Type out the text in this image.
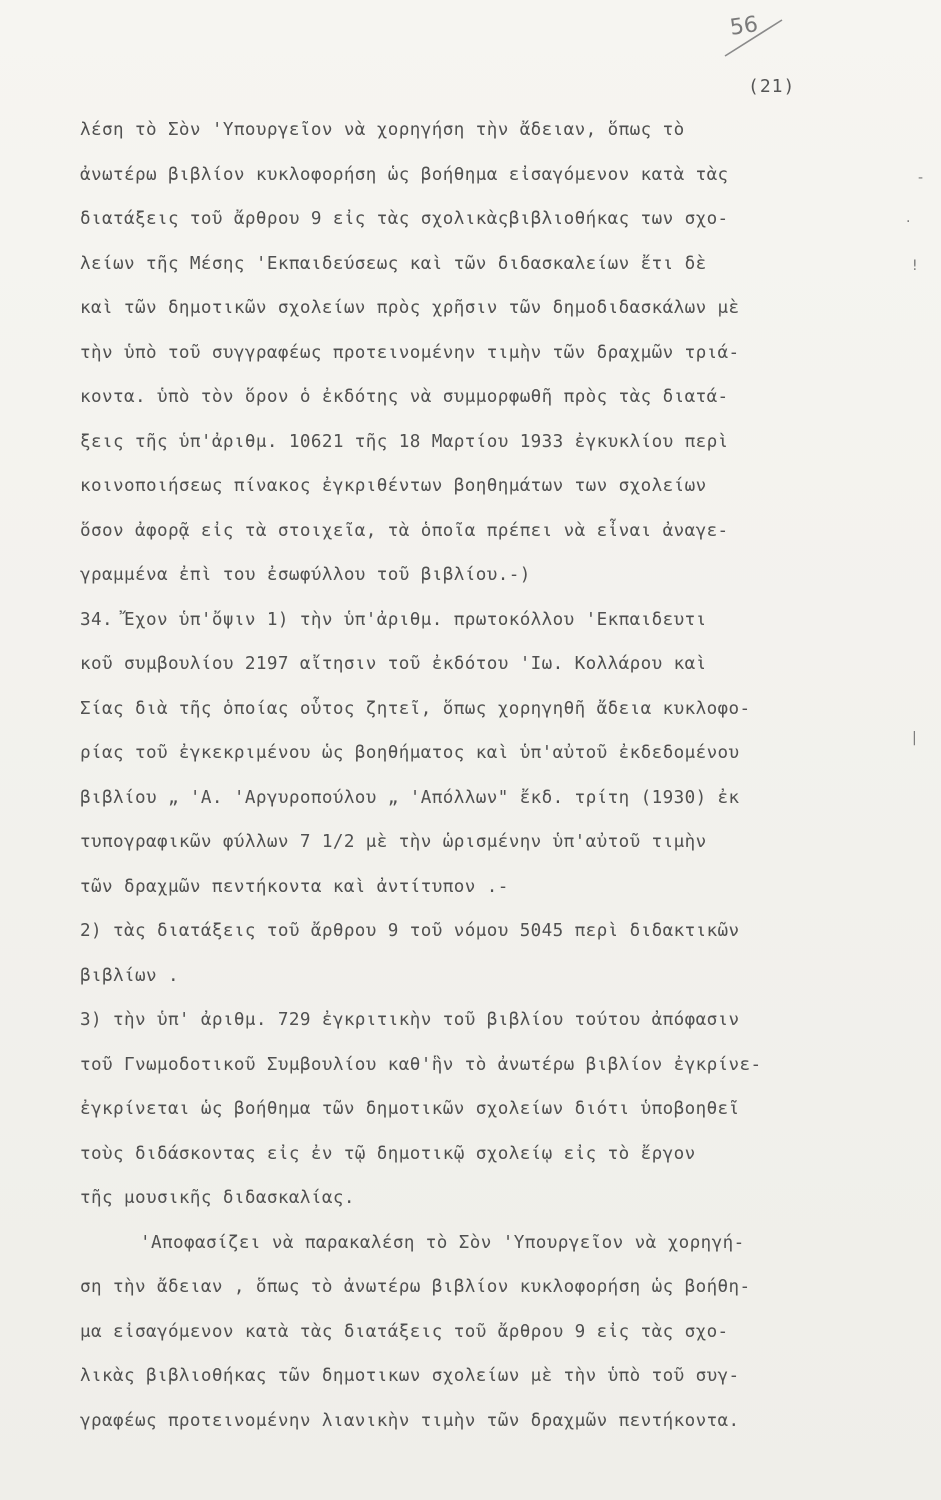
56
(21)
-
·
!
|
λέση τὸ Σὸν 'Υπουργεῖον νὰ χορηγήση τὴν ἄδειαν, ὅπως τὸ
ἀνωτέρω βιβλίον κυκλοφορήση ὡς βοήθημα εἰσαγόμενον κατὰ τὰς
διατάξεις τοῦ ἄρθρου 9 εἰς τὰς σχολικὰςβιβλιοθήκας των σχο-
λείων τῆς Μέσης 'Εκπαιδεύσεως καὶ τῶν διδασκαλείων ἔτι δὲ
καὶ τῶν δημοτικῶν σχολείων πρὸς χρῆσιν τῶν δημοδιδασκάλων μὲ
τὴν ὑπὸ τοῦ συγγραφέως προτεινομένην τιμὴν τῶν δραχμῶν τριά-
κοντα. ὑπὸ τὸν ὅρον ὁ ἐκδότης νὰ συμμορφωθῆ πρὸς τὰς διατά-
ξεις τῆς ὑπ'ἀριθμ. 10621 τῆς 18 Μαρτίου 1933 ἐγκυκλίου περὶ
κοινοποιήσεως πίνακος ἐγκριθέντων βοηθημάτων των σχολείων
ὅσον ἀφορᾷ εἰς τὰ στοιχεῖα, τὰ ὁποῖα πρέπει νὰ εἶναι ἀναγε-
γραμμένα ἐπὶ του ἐσωφύλλου τοῦ βιβλίου.-)
34. Ἔχον ὑπ'ὄψιν 1) τὴν ὑπ'ἀριθμ. πρωτοκόλλου 'Εκπαιδευτι
κοῦ συμβουλίου 2197 αἴτησιν τοῦ ἐκδότου 'Ιω. Κολλάρου καὶ
Σίας διὰ τῆς ὁποίας οὗτος ζητεῖ, ὅπως χορηγηθῆ ἄδεια κυκλοφο-
ρίας τοῦ ἐγκεκριμένου ὡς βοηθήματος καὶ ὑπ'αὐτοῦ ἐκδεδομένου
βιβλίου „ 'Α. 'Αργυροπούλου „ 'Απόλλων" ἔκδ. τρίτη (1930) ἐκ
τυπογραφικῶν φύλλων 7 1/2 μὲ τὴν ὡρισμένην ὑπ'αὐτοῦ τιμὴν
τῶν δραχμῶν πεντήκοντα καὶ ἀντίτυπον .-
2) τὰς διατάξεις τοῦ ἄρθρου 9 τοῦ νόμου 5045 περὶ διδακτικῶν
βιβλίων .
3) τὴν ὑπ' ἀριθμ. 729 ἐγκριτικὴν τοῦ βιβλίου τούτου ἀπόφασιν
τοῦ Γνωμοδοτικοῦ Συμβουλίου καθ'ἣν τὸ ἀνωτέρω βιβλίον ἐγκρίνε-
ἐγκρίνεται ὡς βοήθημα τῶν δημοτικῶν σχολείων διότι ὑποβοηθεῖ
τοὺς διδάσκοντας εἰς ἐν τῷ δημοτικῷ σχολείῳ εἰς τὸ ἔργον
τῆς μουσικῆς διδασκαλίας.
'Αποφασίζει νὰ παρακαλέση τὸ Σὸν 'Υπουργεῖον νὰ χορηγή-
ση τὴν ἄδειαν , ὅπως τὸ ἀνωτέρω βιβλίον κυκλοφορήση ὡς βοήθη-
μα εἰσαγόμενον κατὰ τὰς διατάξεις τοῦ ἄρθρου 9 εἰς τὰς σχο-
λικὰς βιβλιοθήκας τῶν δημοτικων σχολείων μὲ τὴν ὑπὸ τοῦ συγ-
γραφέως προτεινομένην λιανικὴν τιμὴν τῶν δραχμῶν πεντήκοντα.
